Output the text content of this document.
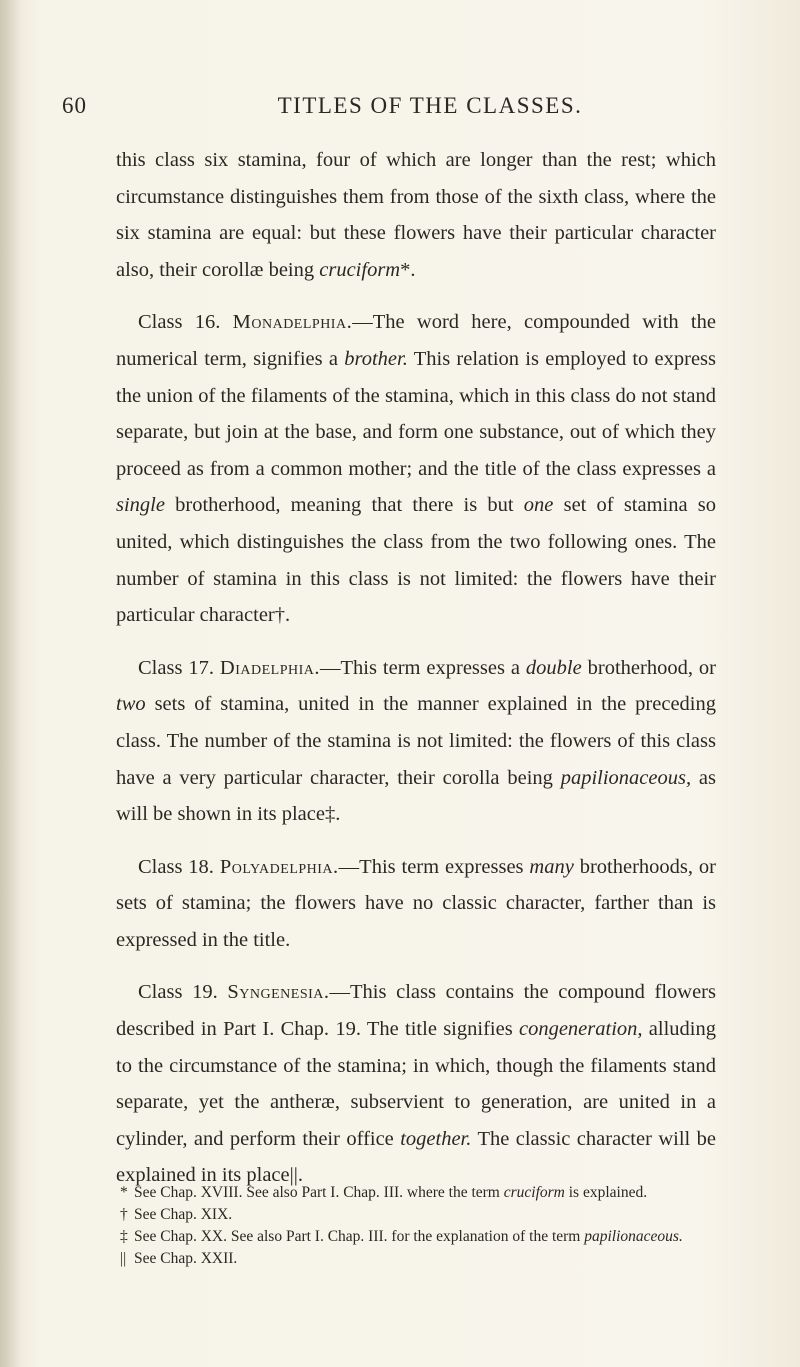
60	TITLES OF THE CLASSES.

this class six stamina, four of which are longer than the rest; which circumstance distinguishes them from those of the sixth class, where the six stamina are equal: but these flowers have their particular character also, their corollæ being cruciform*.

Class 16. Monadelphia.—The word here, compounded with the numerical term, signifies a brother. This relation is employed to express the union of the filaments of the stamina, which in this class do not stand separate, but join at the base, and form one substance, out of which they proceed as from a common mother; and the title of the class expresses a single brotherhood, meaning that there is but one set of stamina so united, which distinguishes the class from the two following ones. The number of stamina in this class is not limited: the flowers have their particular character†.

Class 17. Diadelphia.—This term expresses a double brotherhood, or two sets of stamina, united in the manner explained in the preceding class. The number of the stamina is not limited: the flowers of this class have a very particular character, their corolla being papilionaceous, as will be shown in its place‡.

Class 18. Polyadelphia.—This term expresses many brotherhoods, or sets of stamina; the flowers have no classic character, farther than is expressed in the title.

Class 19. Syngenesia.—This class contains the compound flowers described in Part I. Chap. 19. The title signifies congeneration, alluding to the circumstance of the stamina; in which, though the filaments stand separate, yet the antheræ, subservient to generation, are united in a cylinder, and perform their office together. The classic character will be explained in its place||.

* See Chap. XVIII. See also Part I. Chap. III. where the term cruciform is explained.

† See Chap. XIX.

‡ See Chap. XX. See also Part I. Chap. III. for the explanation of the term papilionaceous.

|| See Chap. XXII.
